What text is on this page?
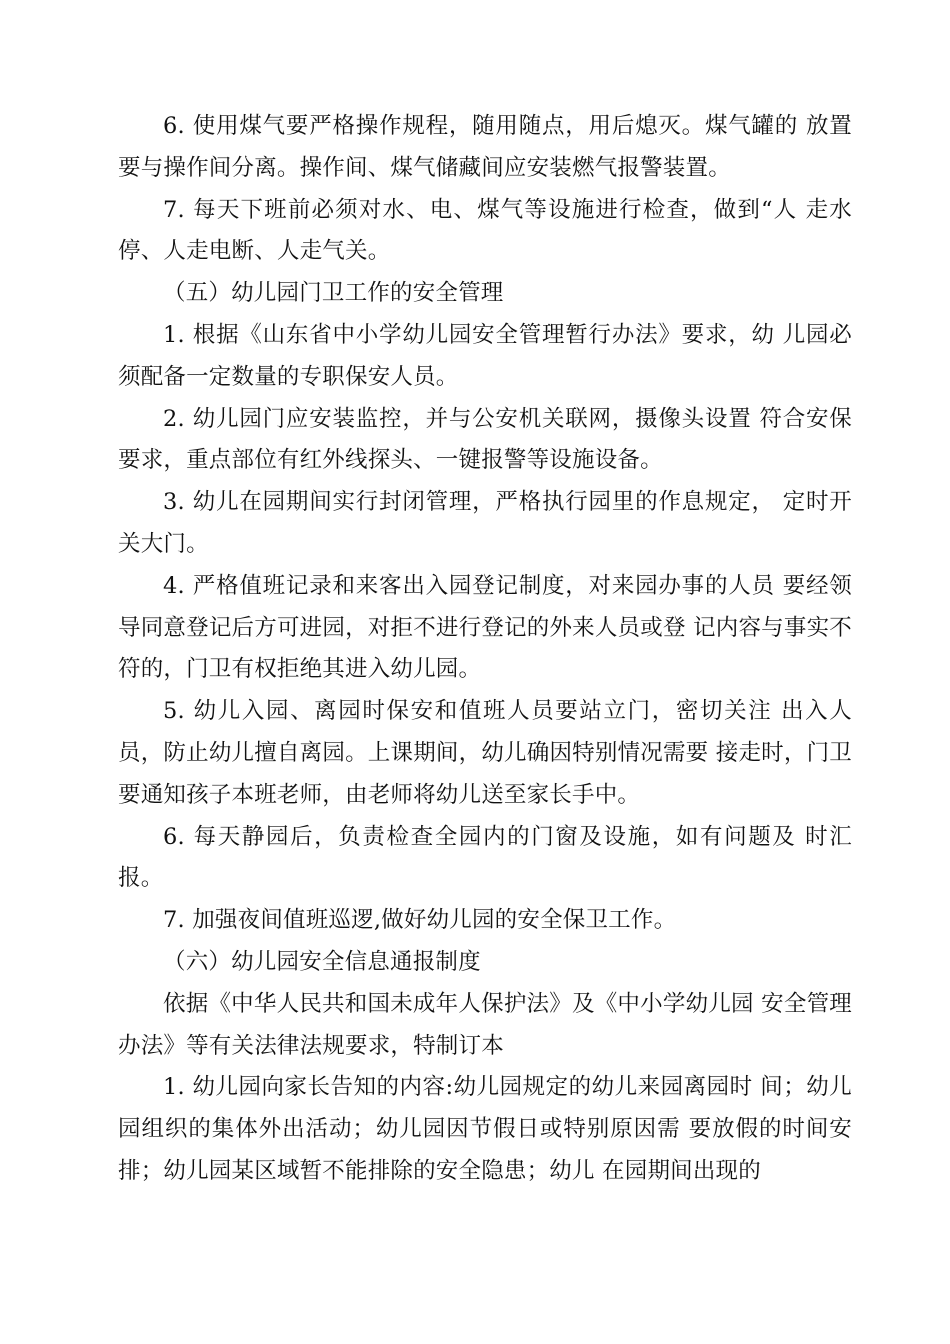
6. 使用煤气要严格操作规程，随用随点，用后熄灭。煤气罐的 放置要与操作间分离。操作间、煤气储藏间应安装燃气报警装置。

7. 每天下班前必须对水、电、煤气等设施进行检查，做到“人 走水停、人走电断、人走气关。

（五）幼儿园门卫工作的安全管理

1. 根据《山东省中小学幼儿园安全管理暂行办法》要求，幼 儿园必须配备一定数量的专职保安人员。

2. 幼儿园门应安装监控，并与公安机关联网，摄像头设置 符合安保要求，重点部位有红外线探头、一键报警等设施设备。

3. 幼儿在园期间实行封闭管理，严格执行园里的作息规定， 定时开关大门。

4. 严格值班记录和来客出入园登记制度，对来园办事的人员 要经领导同意登记后方可进园，对拒不进行登记的外来人员或登 记内容与事实不符的，门卫有权拒绝其进入幼儿园。

5. 幼儿入园、离园时保安和值班人员要站立门，密切关注 出入人员，防止幼儿擅自离园。上课期间，幼儿确因特别情况需要 接走时，门卫要通知孩子本班老师，由老师将幼儿送至家长手中。

6. 每天静园后，负责检查全园内的门窗及设施，如有问题及 时汇报。

7. 加强夜间值班巡逻,做好幼儿园的安全保卫工作。

（六）幼儿园安全信息通报制度

依据《中华人民共和国未成年人保护法》及《中小学幼儿园 安全管理办法》等有关法律法规要求，特制订本

1. 幼儿园向家长告知的内容:幼儿园规定的幼儿来园离园时 间；幼儿园组织的集体外出活动；幼儿园因节假日或特别原因需 要放假的时间安排；幼儿园某区域暂不能排除的安全隐患；幼儿 在园期间出现的
